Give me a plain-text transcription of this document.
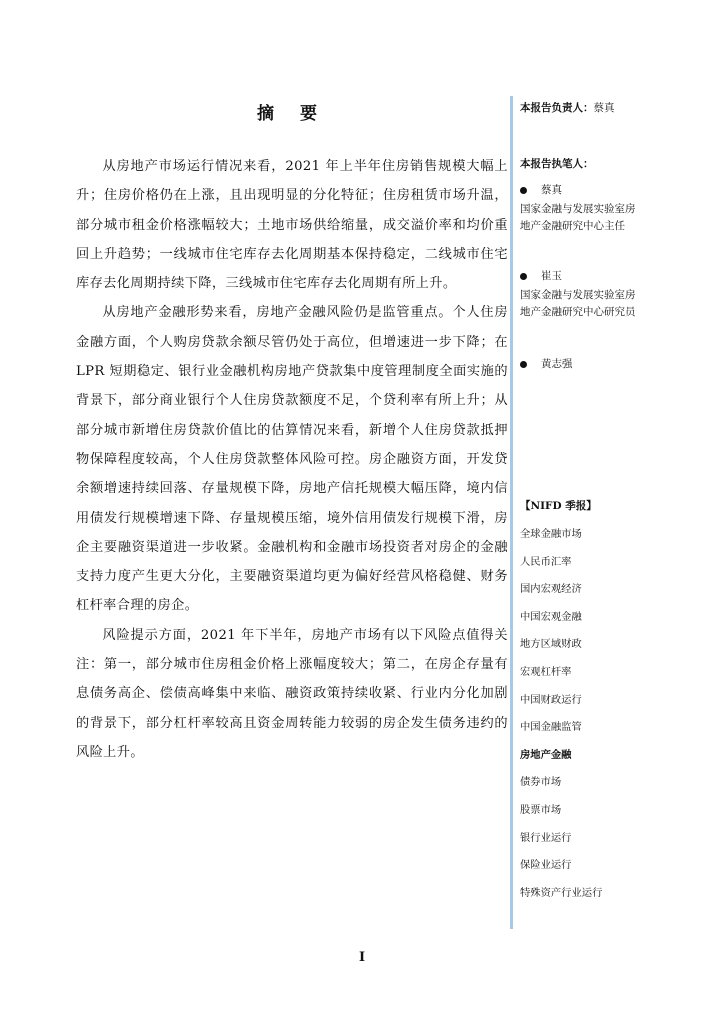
摘 要

从房地产市场运行情况来看，2021 年上半年住房销售规模大幅上升；住房价格仍在上涨，且出现明显的分化特征；住房租赁市场升温，部分城市租金价格涨幅较大；土地市场供给缩量，成交溢价率和均价重回上升趋势；一线城市住宅库存去化周期基本保持稳定，二线城市住宅库存去化周期持续下降，三线城市住宅库存去化周期有所上升。

从房地产金融形势来看，房地产金融风险仍是监管重点。个人住房金融方面，个人购房贷款余额尽管仍处于高位，但增速进一步下降；在 LPR 短期稳定、银行业金融机构房地产贷款集中度管理制度全面实施的背景下，部分商业银行个人住房贷款额度不足，个贷利率有所上升；从部分城市新增住房贷款价值比的估算情况来看，新增个人住房贷款抵押物保障程度较高，个人住房贷款整体风险可控。房企融资方面，开发贷余额增速持续回落、存量规模下降，房地产信托规模大幅压降，境内信用债发行规模增速下降、存量规模压缩，境外信用债发行规模下滑，房企主要融资渠道进一步收紧。金融机构和金融市场投资者对房企的金融支持力度产生更大分化，主要融资渠道均更为偏好经营风格稳健、财务杠杆率合理的房企。

风险提示方面，2021 年下半年，房地产市场有以下风险点值得关注：第一，部分城市住房租金价格上涨幅度较大；第二，在房企存量有息债务高企、偿债高峰集中来临、融资政策持续收紧、行业内分化加剧的背景下，部分杠杆率较高且资金周转能力较弱的房企发生债务违约的风险上升。

本报告负责人：蔡真
本报告执笔人：
蔡真
国家金融与发展实验室房地产金融研究中心主任
崔玉
国家金融与发展实验室房地产金融研究中心研究员
黄志强
【NIFD 季报】
全球金融市场
人民币汇率
国内宏观经济
中国宏观金融
地方区域财政
宏观杠杆率
中国财政运行
中国金融监管
房地产金融
债券市场
股票市场
银行业运行
保险业运行
特殊资产行业运行
I
